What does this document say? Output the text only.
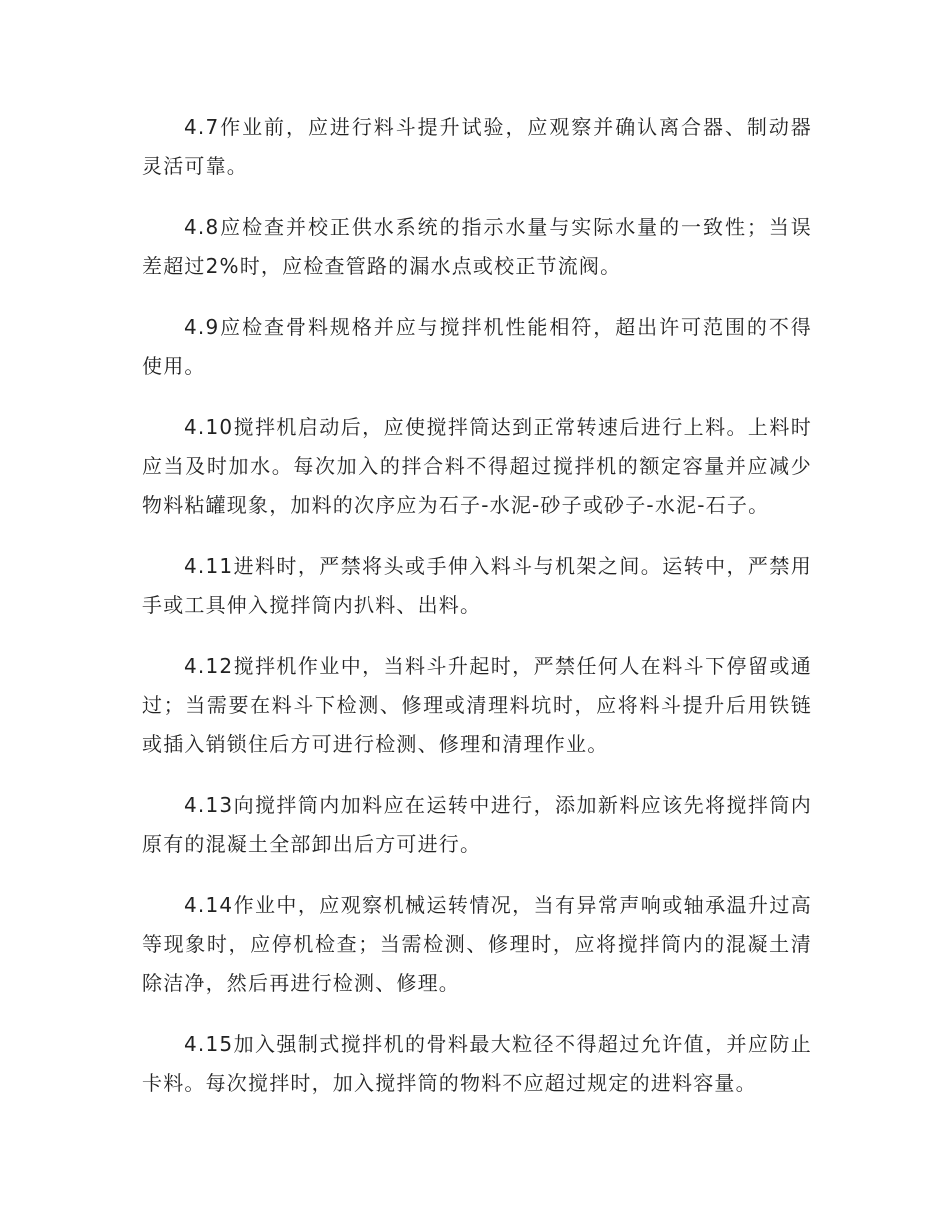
4.7作业前，应进行料斗提升试验，应观察并确认离合器、制动器灵活可靠。

4.8应检查并校正供水系统的指示水量与实际水量的一致性；当误差超过2%时，应检查管路的漏水点或校正节流阀。

4.9应检查骨料规格并应与搅拌机性能相符，超出许可范围的不得使用。

4.10搅拌机启动后，应使搅拌筒达到正常转速后进行上料。上料时应当及时加水。每次加入的拌合料不得超过搅拌机的额定容量并应减少物料粘罐现象，加料的次序应为石子-水泥-砂子或砂子-水泥-石子。

4.11进料时，严禁将头或手伸入料斗与机架之间。运转中，严禁用手或工具伸入搅拌筒内扒料、出料。

4.12搅拌机作业中，当料斗升起时，严禁任何人在料斗下停留或通过；当需要在料斗下检测、修理或清理料坑时，应将料斗提升后用铁链或插入销锁住后方可进行检测、修理和清理作业。

4.13向搅拌筒内加料应在运转中进行，添加新料应该先将搅拌筒内原有的混凝土全部卸出后方可进行。

4.14作业中，应观察机械运转情况，当有异常声响或轴承温升过高等现象时，应停机检查；当需检测、修理时，应将搅拌筒内的混凝土清除洁净，然后再进行检测、修理。

4.15加入强制式搅拌机的骨料最大粒径不得超过允许值，并应防止卡料。每次搅拌时，加入搅拌筒的物料不应超过规定的进料容量。
